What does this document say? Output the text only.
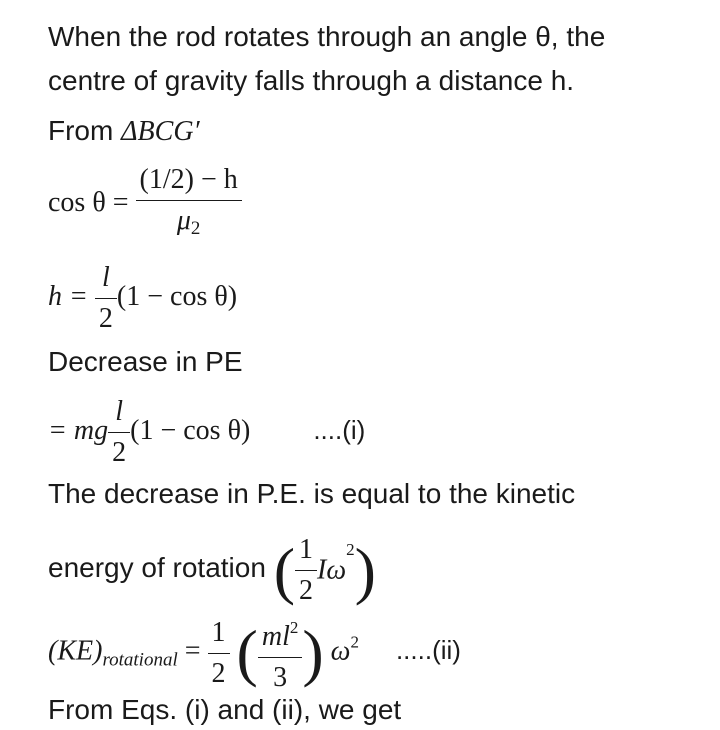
When the rod rotates through an angle θ, the
centre of gravity falls through a distance h.
From ΔBCG′
$\cos \theta = \frac{(1/2) - h}{\mu 2}$
$h = \frac{l}{2} (1 - \cos \theta)$
Decrease in PE
= mg $\frac{l}{2} (1 - \cos \theta)$ ....(i)
The decrease in P.E. is equal to the kinetic
energy of rotation ( $\frac{1}{2} I\omega^2$)
$(KE)_{rotational} = \frac{1}{2}$ ( $\frac{ml^2}{3}$ ) $\omega^2$ .....(ii)
From Eqs. (i) and (ii), we get
